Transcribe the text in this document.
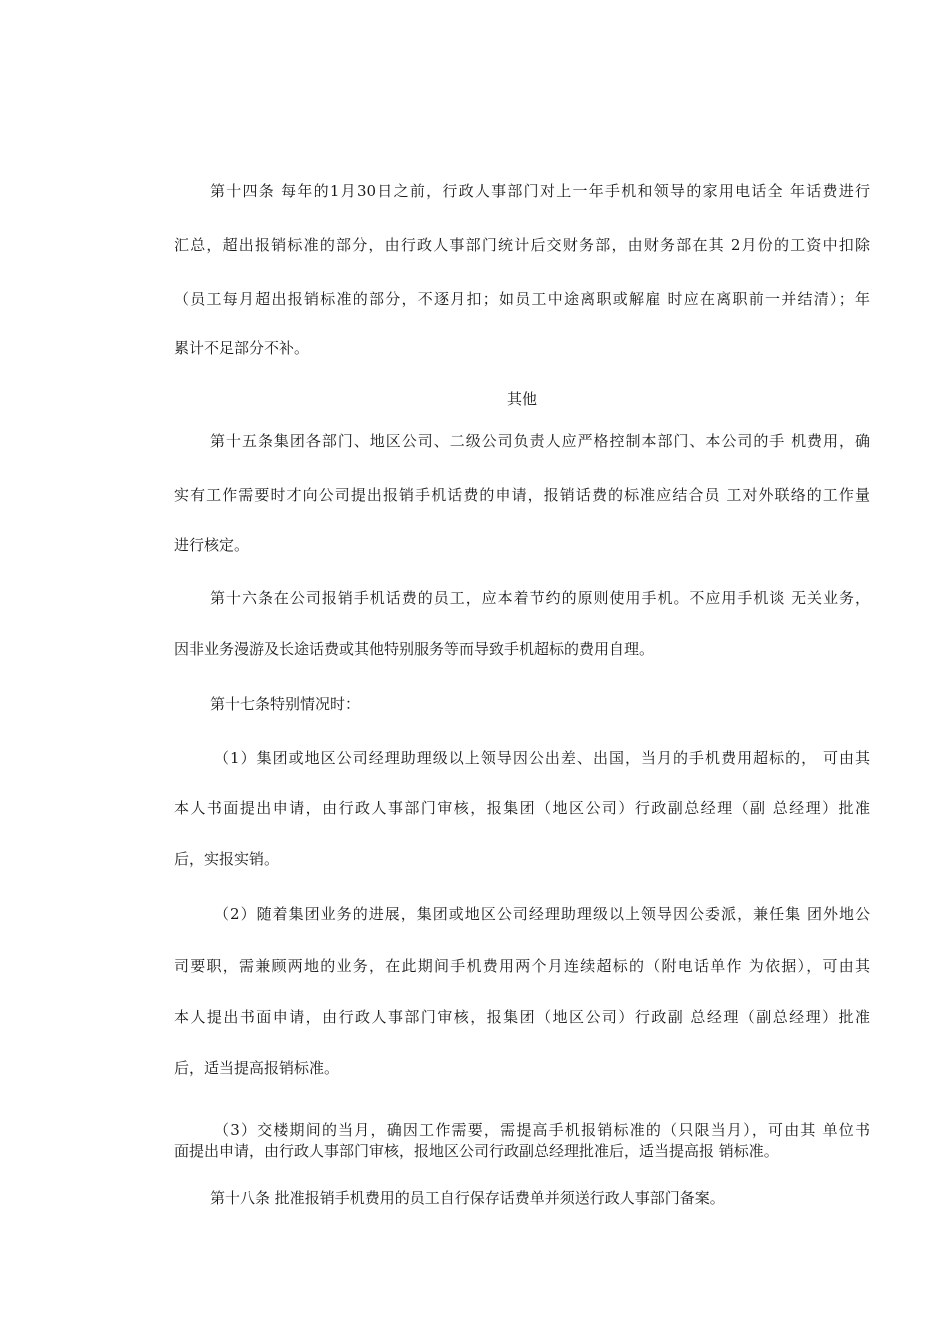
第十四条 每年的1月30日之前，行政人事部门对上一年手机和领导的家用电话全 年话费进行
汇总，超出报销标准的部分，由行政人事部门统计后交财务部，由财务部在其 2月份的工资中扣除
（员工每月超出报销标准的部分，不逐月扣；如员工中途离职或解雇 时应在离职前一并结清）；年
累计不足部分不补。
其他
第十五条集团各部门、地区公司、二级公司负责人应严格控制本部门、本公司的手 机费用，确
实有工作需要时才向公司提出报销手机话费的申请，报销话费的标准应结合员 工对外联络的工作量
进行核定。
第十六条在公司报销手机话费的员工，应本着节约的原则使用手机。不应用手机谈 无关业务，
因非业务漫游及长途话费或其他特别服务等而导致手机超标的费用自理。
第十七条特别情况时：
（1）集团或地区公司经理助理级以上领导因公出差、出国，当月的手机费用超标的， 可由其
本人书面提出申请，由行政人事部门审核，报集团（地区公司）行政副总经理（副 总经理）批准
后，实报实销。
（2）随着集团业务的进展，集团或地区公司经理助理级以上领导因公委派，兼任集 团外地公
司要职，需兼顾两地的业务，在此期间手机费用两个月连续超标的（附电话单作 为依据），可由其
本人提出书面申请，由行政人事部门审核，报集团（地区公司）行政副 总经理（副总经理）批准
后，适当提高报销标准。
（3）交楼期间的当月，确因工作需要，需提高手机报销标准的（只限当月），可由其 单位书
面提出申请，由行政人事部门审核，报地区公司行政副总经理批准后，适当提高报 销标准。
第十八条 批准报销手机费用的员工自行保存话费单并须送行政人事部门备案。
